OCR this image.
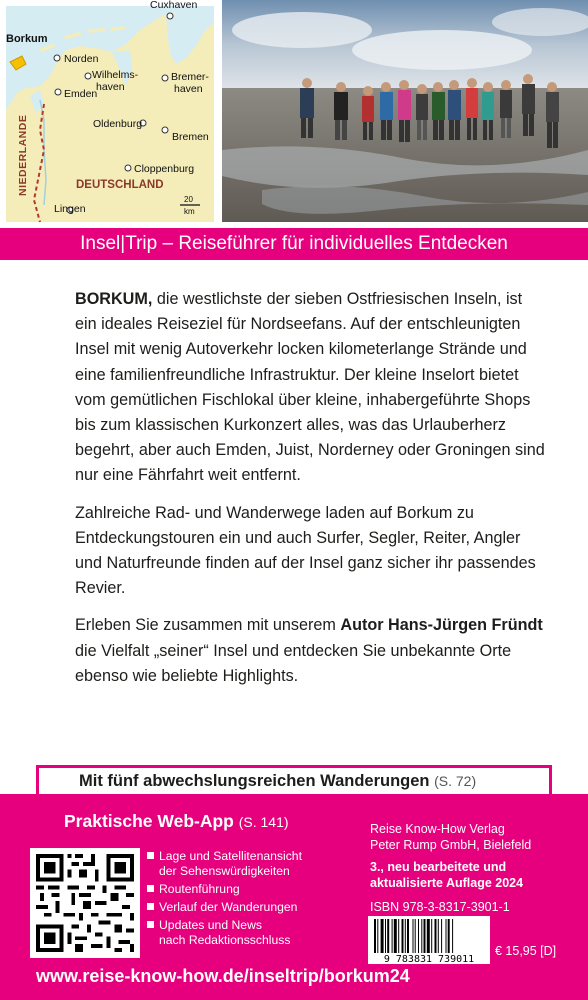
Borkum
Norden
Cuxhaven
Emden
Wilhelms-
haven
Bremer-
haven
Oldenburg
Bremen
Cloppenburg
DEUTSCHLAND
Lingen
NIEDERLANDE
20
km
Insel|Trip – Reiseführer für individuelles Entdecken

BORKUM, die westlichste der sieben Ostfriesischen Inseln, ist ein ideales Reiseziel für Nordseefans. Auf der entschleunigten Insel mit wenig Autoverkehr locken kilometerlange Strände und eine familienfreundliche Infrastruktur. Der kleine Inselort bietet vom gemütlichen Fischlokal über kleine, inhabergeführte Shops bis zum klassischen Kurkonzert alles, was das Urlauberherz begehrt, aber auch Emden, Juist, Norderney oder Groningen sind nur eine Fährfahrt weit entfernt.

Zahlreiche Rad- und Wanderwege laden auf Borkum zu Entdeckungstouren ein und auch Surfer, Segler, Reiter, Angler und Naturfreunde finden auf der Insel ganz sicher ihr passendes Revier.

Erleben Sie zusammen mit unserem Autor Hans-Jürgen Fründt die Vielfalt „seiner“ Insel und entdecken Sie unbekannte Orte ebenso wie beliebte Highlights.

Mit fünf abwechslungsreichen Wanderungen (S. 72)
Praktische Web-App (S. 141)
Lage und Satellitenansicht
der Sehenswürdigkeiten
Routenführung
Verlauf der Wanderungen
Updates und News
nach Redaktionsschluss
Reise Know-How Verlag
Peter Rump GmbH, Bielefeld
3., neu bearbeitete und
aktualisierte Auflage 2024
ISBN 978-3-8317-3901-1
9 783831 739011
€ 15,95 [D]
www.reise-know-how.de/inseltrip/borkum24
